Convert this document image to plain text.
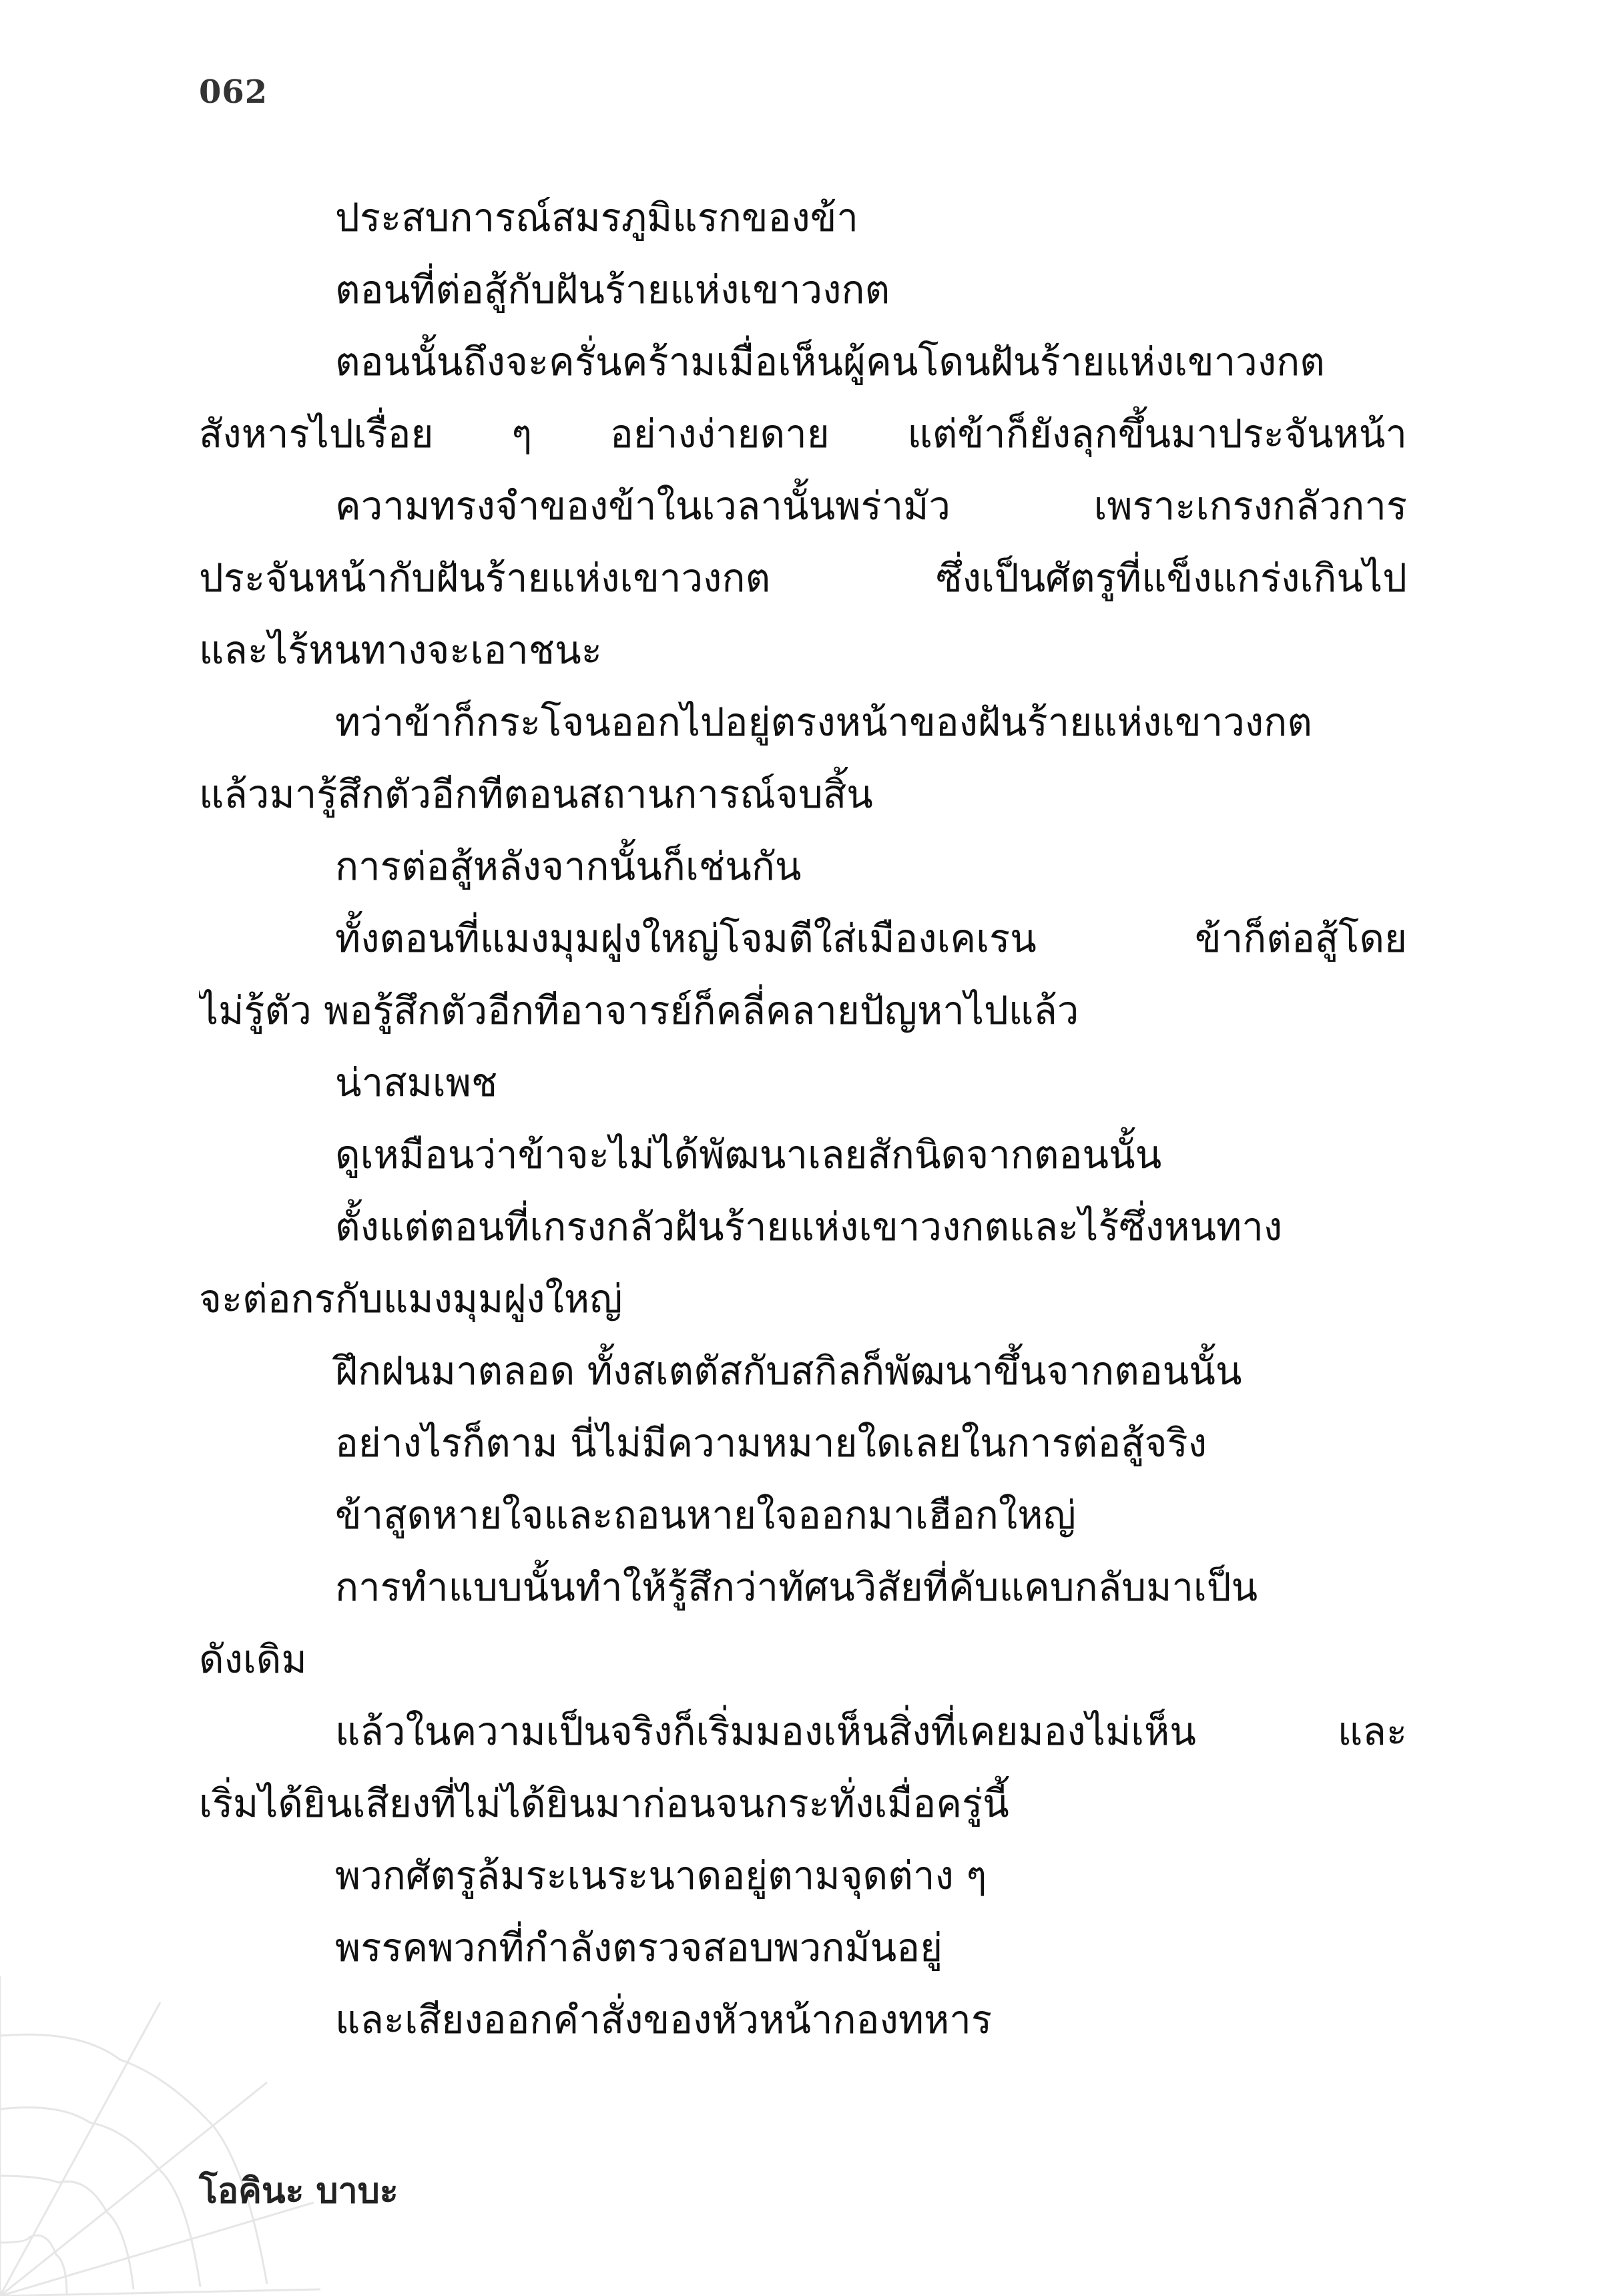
062
ประสบการณ์สมรภูมิแรกของข้า
ตอนที่ต่อสู้กับฝันร้ายแห่งเขาวงกต
ตอนนั้นถึงจะครั่นคร้ามเมื่อเห็นผู้คนโดนฝันร้ายแห่งเขาวงกต
สังหารไปเรื่อย ๆ อย่างง่ายดาย แต่ข้าก็ยังลุกขึ้นมาประจันหน้า
ความทรงจำของข้าในเวลานั้นพร่ามัว เพราะเกรงกลัวการ
ประจันหน้ากับฝันร้ายแห่งเขาวงกต ซึ่งเป็นศัตรูที่แข็งแกร่งเกินไป
และไร้หนทางจะเอาชนะ
ทว่าข้าก็กระโจนออกไปอยู่ตรงหน้าของฝันร้ายแห่งเขาวงกต
แล้วมารู้สึกตัวอีกทีตอนสถานการณ์จบสิ้น
การต่อสู้หลังจากนั้นก็เช่นกัน
ทั้งตอนที่แมงมุมฝูงใหญ่โจมตีใส่เมืองเคเรน ข้าก็ต่อสู้โดย
ไม่รู้ตัว พอรู้สึกตัวอีกทีอาจารย์ก็คลี่คลายปัญหาไปแล้ว
น่าสมเพช
ดูเหมือนว่าข้าจะไม่ได้พัฒนาเลยสักนิดจากตอนนั้น
ตั้งแต่ตอนที่เกรงกลัวฝันร้ายแห่งเขาวงกตและไร้ซึ่งหนทาง
จะต่อกรกับแมงมุมฝูงใหญ่
ฝึกฝนมาตลอด ทั้งสเตตัสกับสกิลก็พัฒนาขึ้นจากตอนนั้น
อย่างไรก็ตาม นี่ไม่มีความหมายใดเลยในการต่อสู้จริง
ข้าสูดหายใจและถอนหายใจออกมาเฮือกใหญ่
การทำแบบนั้นทำให้รู้สึกว่าทัศนวิสัยที่คับแคบกลับมาเป็น
ดังเดิม
แล้วในความเป็นจริงก็เริ่มมองเห็นสิ่งที่เคยมองไม่เห็น และ
เริ่มได้ยินเสียงที่ไม่ได้ยินมาก่อนจนกระทั่งเมื่อครู่นี้
พวกศัตรูล้มระเนระนาดอยู่ตามจุดต่าง ๆ
พรรคพวกที่กำลังตรวจสอบพวกมันอยู่
และเสียงออกคำสั่งของหัวหน้ากองทหาร
โอคินะ บาบะ
